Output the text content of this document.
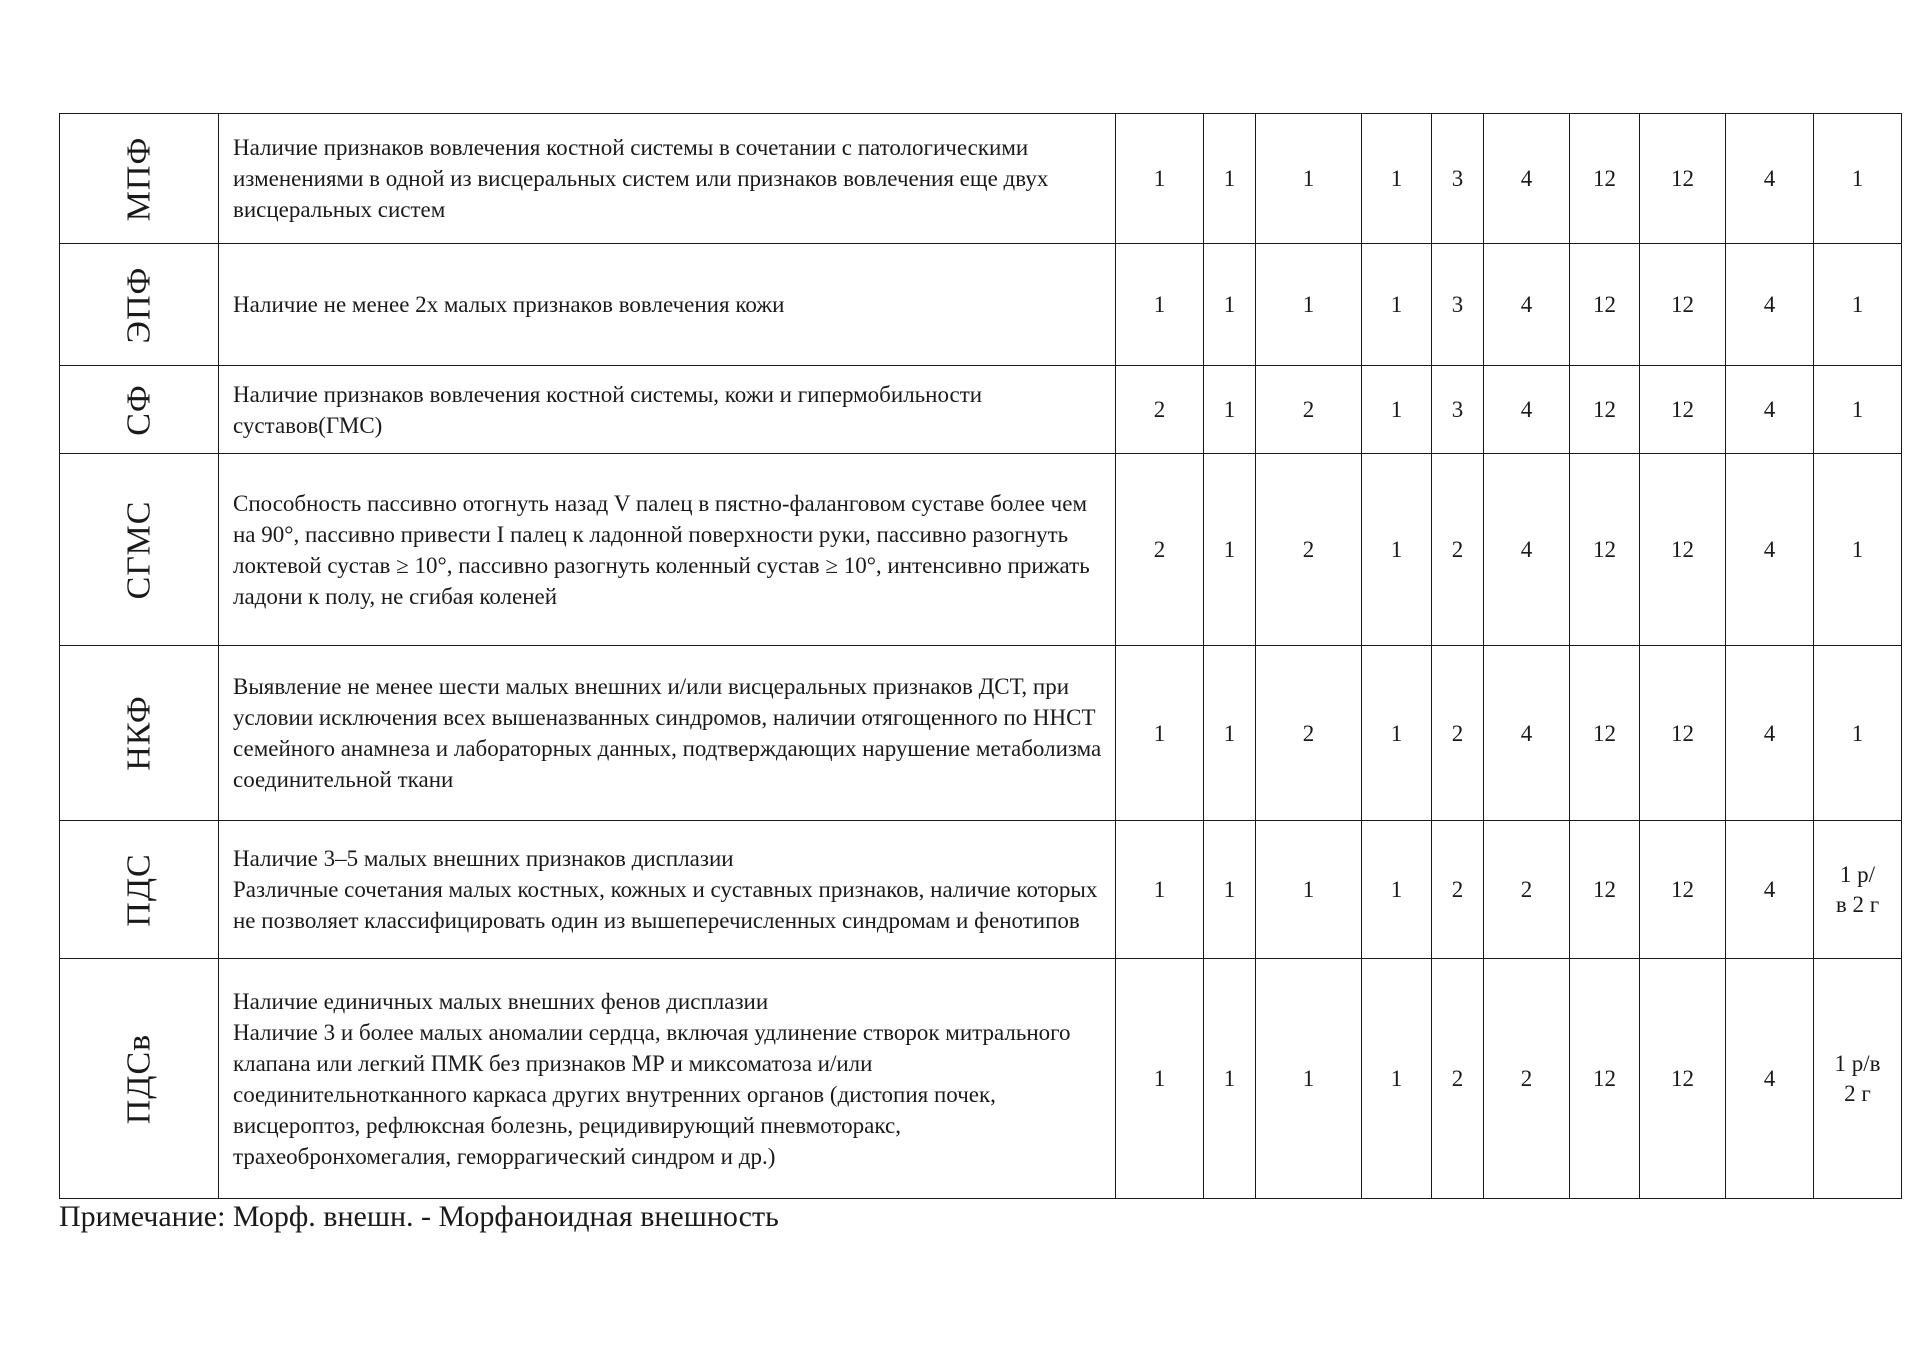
МПФ	Наличие признаков вовлечения костной системы в сочетании с патологическими изменениями в одной из висцеральных систем или признаков вовлечения еще двух висцеральных систем	1	1	1	1	3	4	12	12	4	1

ЭПФ	Наличие не менее 2х малых признаков вовлечения кожи	1	1	1	1	3	4	12	12	4	1

СФ	Наличие признаков вовлечения костной системы, кожи и гипермобильности суставов(ГМС)	2	1	2	1	3	4	12	12	4	1

СГМС	Способность пассивно отогнуть назад V палец в пястно-фаланговом суставе более чем на 90°, пассивно привести I палец к ладонной поверхности руки, пассивно разогнуть локтевой сустав ≥ 10°, пассивно разогнуть коленный сустав ≥ 10°, интенсивно прижать ладони к полу, не сгибая коленей	2	1	2	1	2	4	12	12	4	1

НКФ	Выявление не менее шести малых внешних и/или висцеральных признаков ДСТ, при условии исключения всех вышеназванных синдромов, наличии отягощенного по ННСТ семейного анамнеза и лабораторных данных, подтверждающих нарушение метаболизма соединительной ткани	1	1	2	1	2	4	12	12	4	1

ПДС	Наличие 3–5 малых внешних признаков дисплазии
Различные сочетания малых костных, кожных и суставных признаков, наличие которых не позволяет классифицировать один из вышеперечисленных синдромам и фенотипов	1	1	1	1	2	2	12	12	4	1 р/
в 2 г

ПДСв	Наличие единичных малых внешних фенов дисплазии
Наличие 3 и более малых аномалии сердца, включая удлинение створок митрального клапана или легкий ПМК без признаков МР и миксоматоза и/или соединительнотканного каркаса других внутренних органов (дистопия почек, висцероптоз, рефлюксная болезнь, рецидивирующий пневмоторакс, трахеобронхомегалия, геморрагический синдром и др.)	1	1	1	1	2	2	12	12	4	1 р/в
2 г
Примечание: Морф. внешн. - Морфаноидная внешность
